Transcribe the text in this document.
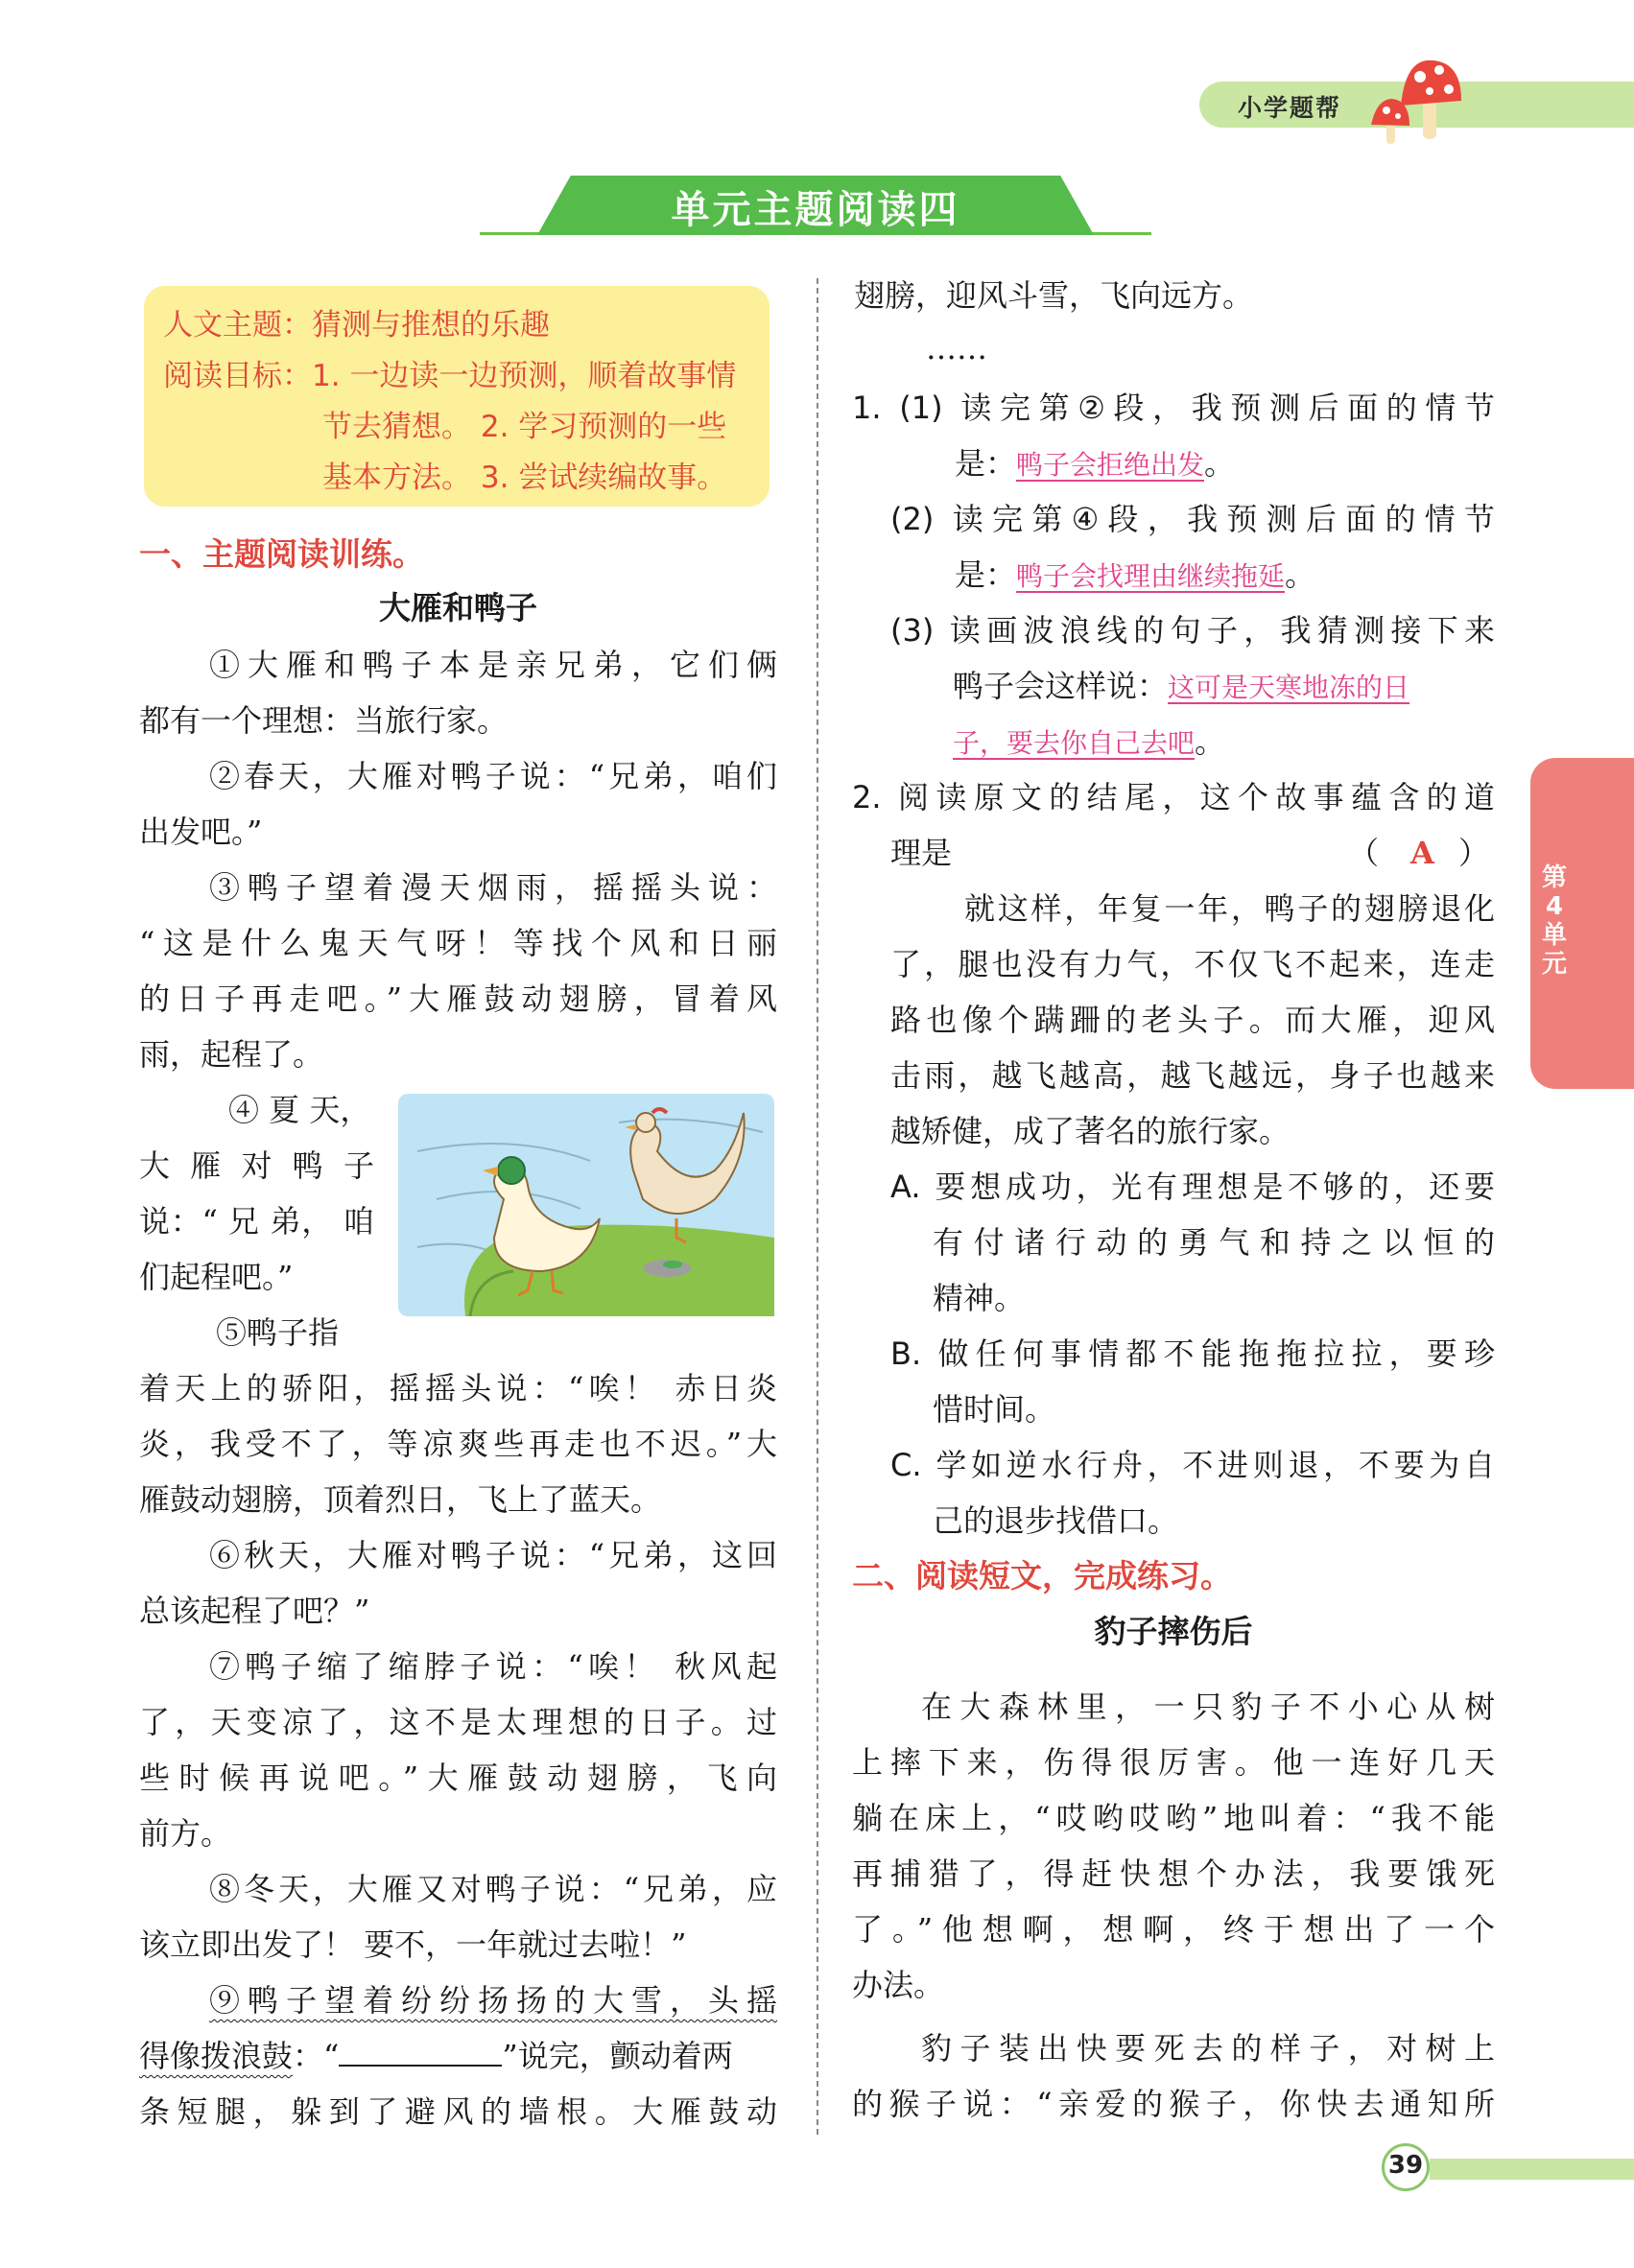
小学题帮
单元主题阅读四
人文主题：猜测与推想的乐趣
阅读目标：1. 一边读一边预测，顺着故事情
节去猜想。 2. 学习预测的一些
基本方法。 3. 尝试续编故事。
一、主题阅读训练。
大雁和鸭子
①大雁和鸭子本是亲兄弟，它们俩
都有一个理想：当旅行家。
②春天，大雁对鸭子说：“兄弟，咱们
出发吧。”
③鸭子望着漫天烟雨，摇摇头说：
“这是什么鬼天气呀！等找个风和日丽
的日子再走吧。”大雁鼓动翅膀，冒着风
雨，起程了。
④ 夏 天，
大 雁 对 鸭 子
说：“ 兄 弟， 咱
们起程吧。”
⑤鸭子指
着天上的骄阳，摇摇头说：“唉！ 赤日炎
炎，我受不了，等凉爽些再走也不迟。”大
雁鼓动翅膀，顶着烈日，飞上了蓝天。
⑥秋天，大雁对鸭子说：“兄弟，这回
总该起程了吧？”
⑦鸭子缩了缩脖子说：“唉！ 秋风起
了，天变凉了，这不是太理想的日子。过
些时候再说吧。”大雁鼓动翅膀，飞向
前方。
⑧冬天，大雁又对鸭子说：“兄弟，应
该立即出发了！ 要不，一年就过去啦！”
⑨鸭子望着纷纷扬扬的大雪，头摇
得像拨浪鼓：“	”说完，颤动着两
条短腿，躲到了避风的墙根。大雁鼓动
翅膀，迎风斗雪，飞向远方。
……
1. (1) 读完第②段，我预测后面的情节
是：鸭子会拒绝出发。
(2) 读完第④段，我预测后面的情节
是：鸭子会找理由继续拖延。
(3) 读画波浪线的句子，我猜测接下来
鸭子会这样说：这可是天寒地冻的日
子，要去你自己去吧。
2. 阅读原文的结尾，这个故事蕴含的道
理是	（ A ）
就这样，年复一年，鸭子的翅膀退化
了，腿也没有力气，不仅飞不起来，连走
路也像个蹒跚的老头子。而大雁，迎风
击雨，越飞越高，越飞越远，身子也越来
越矫健，成了著名的旅行家。
A. 要想成功，光有理想是不够的，还要
有付诸行动的勇气和持之以恒的
精神。
B. 做任何事情都不能拖拖拉拉，要珍
惜时间。
C. 学如逆水行舟，不进则退，不要为自
己的退步找借口。
二、阅读短文，完成练习。
豹子摔伤后
在大森林里，一只豹子不小心从树
上摔下来，伤得很厉害。他一连好几天
躺在床上，“哎哟哎哟”地叫着：“我不能
再捕猎了，得赶快想个办法，我要饿死
了。”他想啊，想啊，终于想出了一个
办法。
豹子装出快要死去的样子，对树上
的猴子说：“亲爱的猴子，你快去通知所
第
4
单
元
39
